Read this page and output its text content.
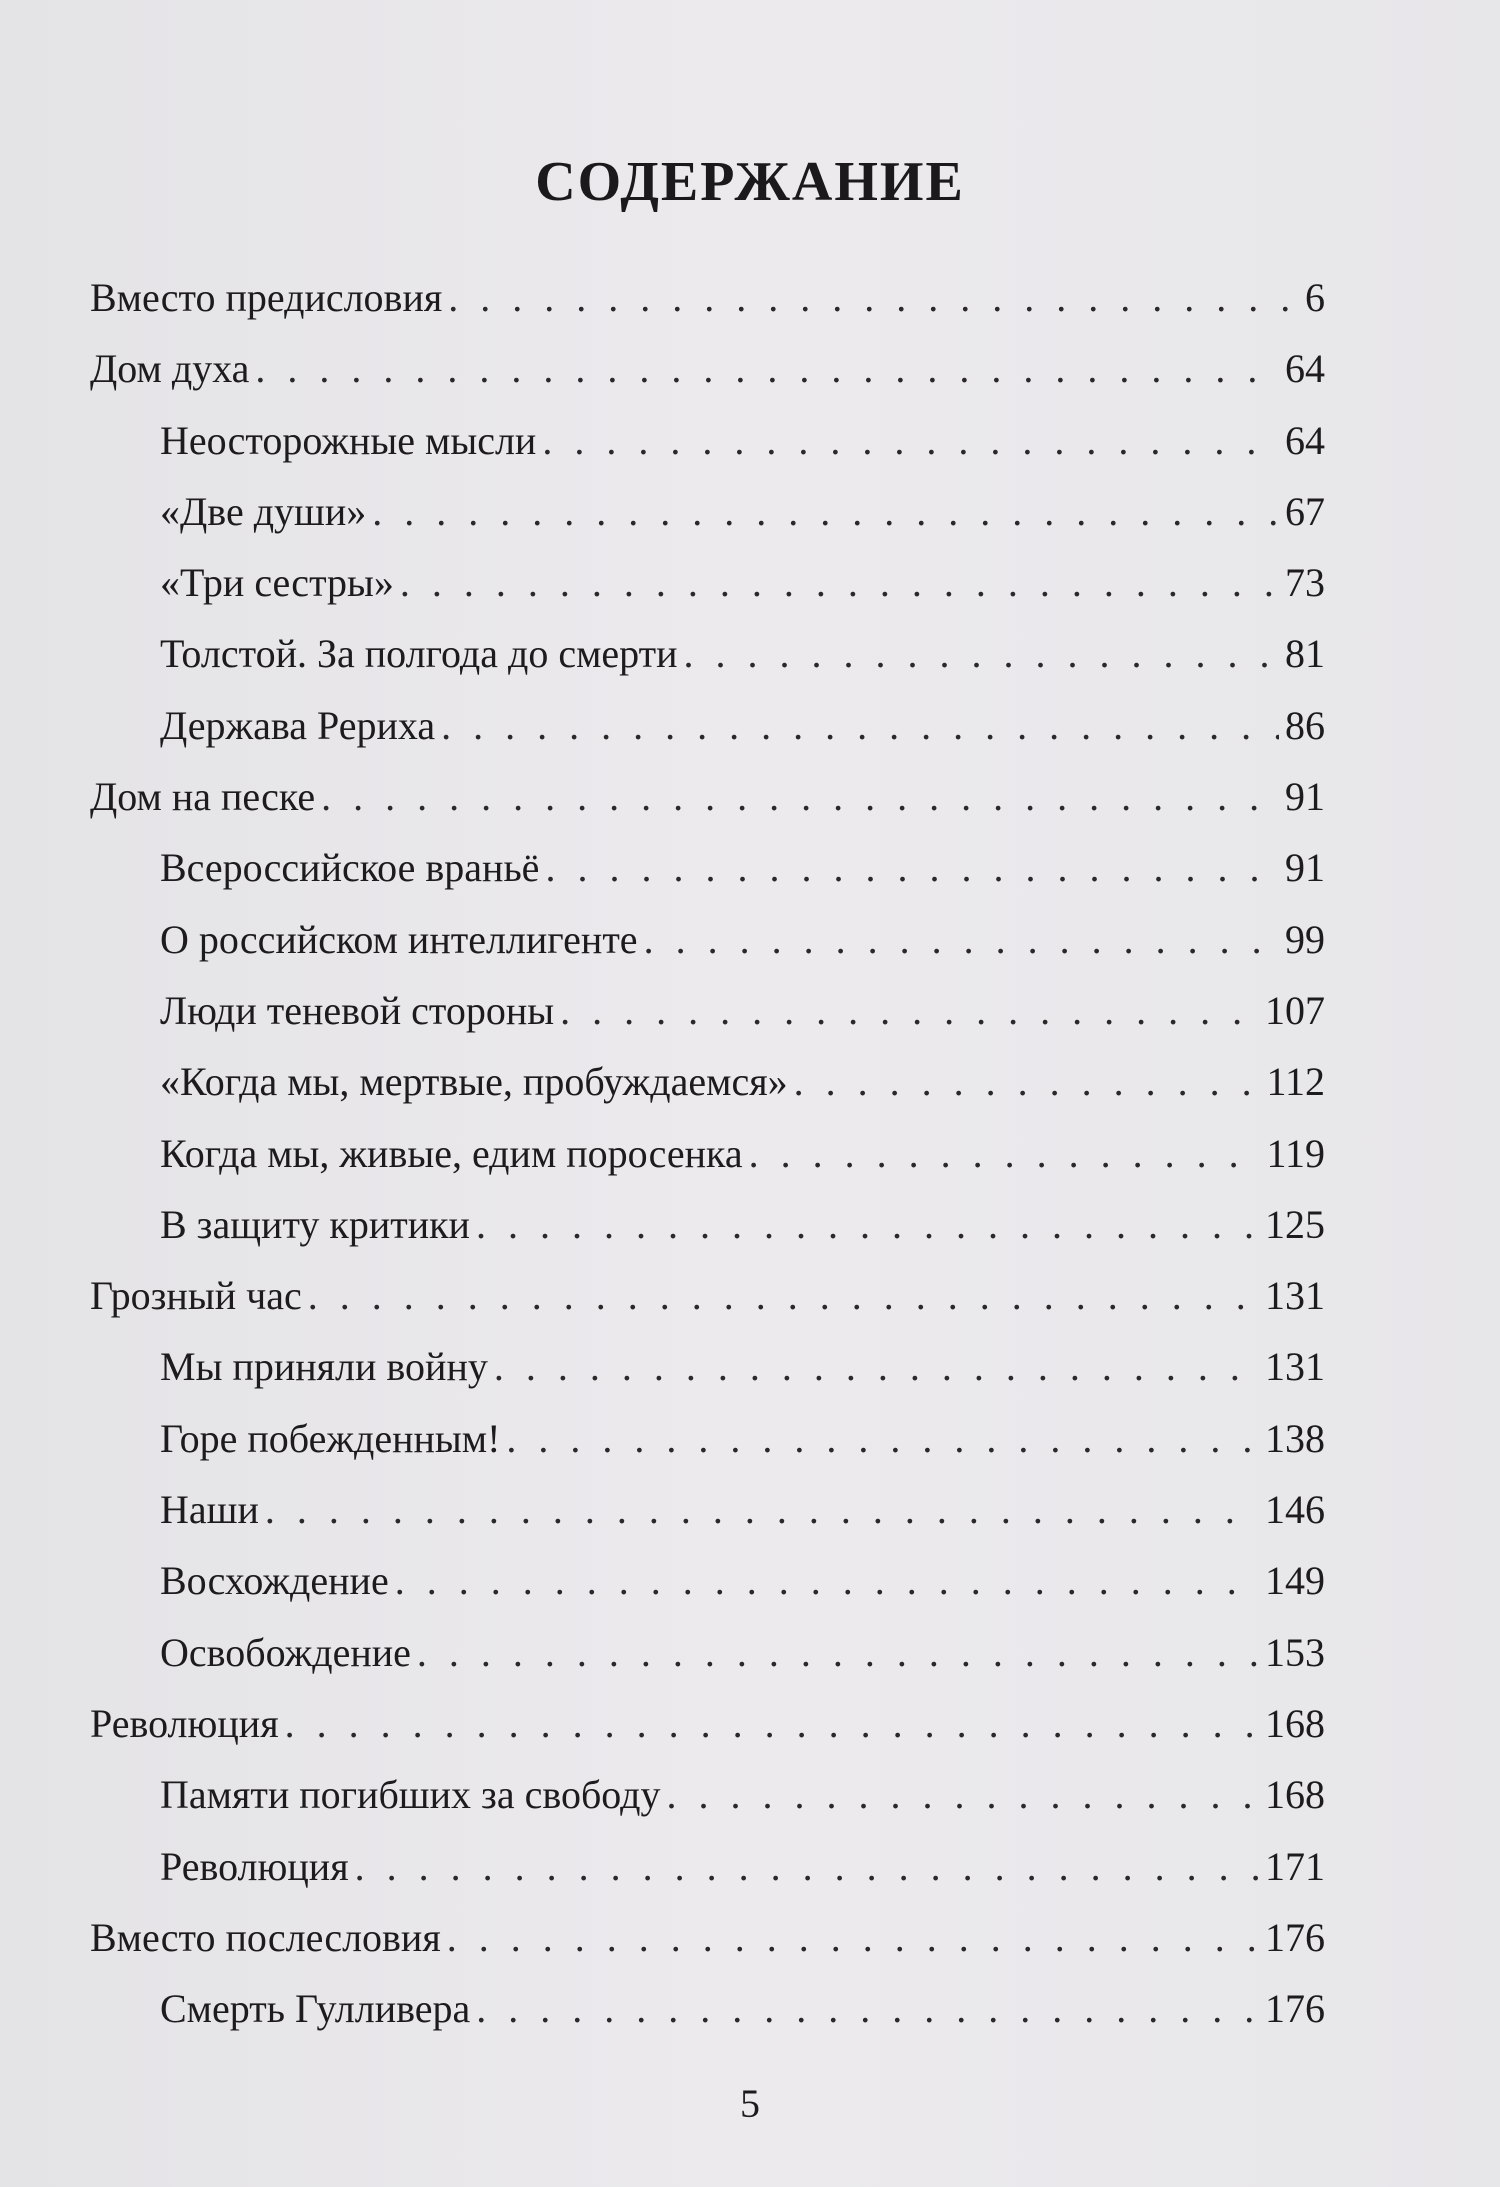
СОДЕРЖАНИЕ
Вместо предисловия . . .	6
Дом духа . . .	64
Неосторожные мысли . . .	64
«Две души» . . .	67
«Три сестры» . . .	73
Толстой. За полгода до смерти . . .	81
Держава Рериха . . .	86
Дом на песке . . .	91
Всероссийское враньё . . .	91
О российском интеллигенте . . .	99
Люди теневой стороны . . .	107
«Когда мы, мертвые, пробуждаемся» . . .	112
Когда мы, живые, едим поросенка . . .	119
В защиту критики . . .	125
Грозный час . . .	131
Мы приняли войну . . .	131
Горе побежденным! . . .	138
Наши . . .	146
Восхождение . . .	149
Освобождение . . .	153
Революция . . .	168
Памяти погибших за свободу . . .	168
Революция . . .	171
Вместо послесловия . . .	176
Смерть Гулливера . . .	176
5
